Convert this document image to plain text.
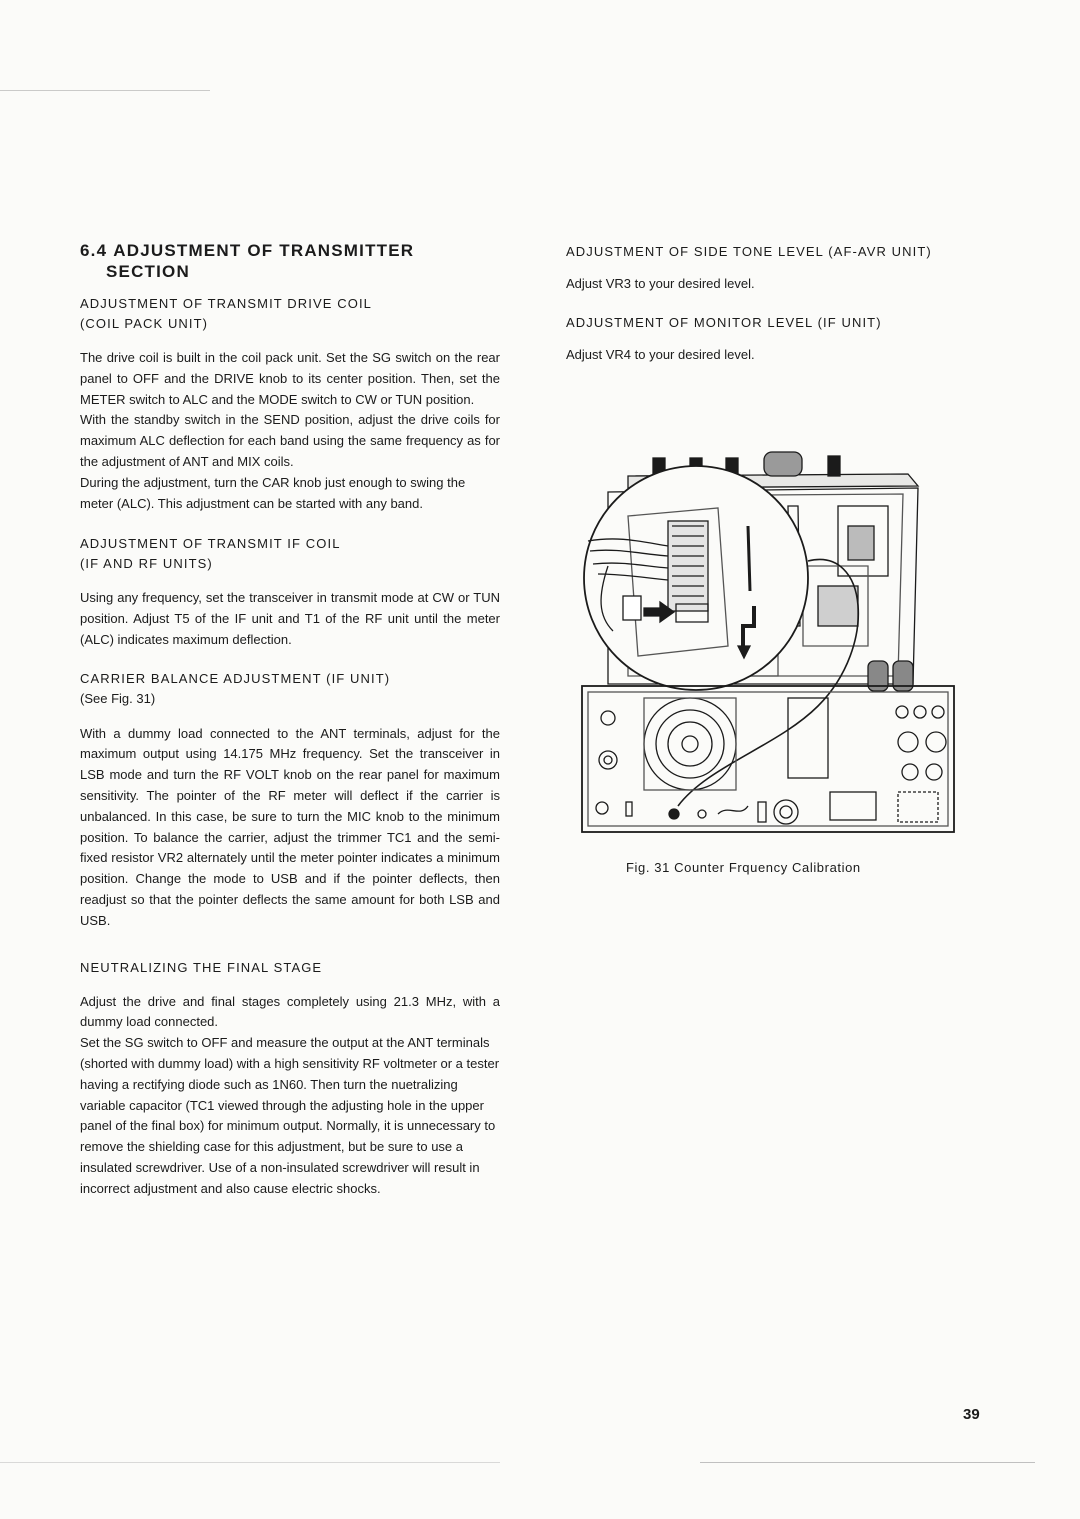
6.4 ADJUSTMENT OF TRANSMITTER
SECTION
ADJUSTMENT OF TRANSMIT DRIVE COIL
(COIL PACK UNIT)

The drive coil is built in the coil pack unit. Set the SG switch on the rear panel to OFF and the DRIVE knob to its center position. Then, set the METER switch to ALC and the MODE switch to CW or TUN position.

With the standby switch in the SEND position, adjust the drive coils for maximum ALC deflection for each band using the same frequency as for the adjustment of ANT and MIX coils.

During the adjustment, turn the CAR knob just enough to swing the meter (ALC). This adjustment can be started with any band.

ADJUSTMENT OF TRANSMIT IF COIL
(IF AND RF UNITS)

Using any frequency, set the transceiver in transmit mode at CW or TUN position. Adjust T5 of the IF unit and T1 of the RF unit until the meter (ALC) indicates maximum deflection.

CARRIER BALANCE ADJUSTMENT (IF UNIT)
(See Fig. 31)

With a dummy load connected to the ANT terminals, adjust for the maximum output using 14.175 MHz frequency. Set the transceiver in LSB mode and turn the RF VOLT knob on the rear panel for maximum sensitivity. The pointer of the RF meter will deflect if the carrier is unbalanced. In this case, be sure to turn the MIC knob to the minimum position. To balance the carrier, adjust the trimmer TC1 and the semi-fixed resistor VR2 alternately until the meter pointer indicates a minimum position. Change the mode to USB and if the pointer deflects, then readjust so that the pointer deflects the same amount for both LSB and USB.

NEUTRALIZING THE FINAL STAGE

Adjust the drive and final stages completely using 21.3 MHz, with a dummy load connected.

Set the SG switch to OFF and measure the output at the ANT terminals (shorted with dummy load) with a high sensitivity RF voltmeter or a tester having a rectifying diode such as 1N60. Then turn the nuetralizing variable capacitor (TC1 viewed through the adjusting hole in the upper panel of the final box) for minimum output. Normally, it is unnecessary to remove the shielding case for this adjustment, but be sure to use a insulated screwdriver. Use of a non-insulated screwdriver will result in incorrect adjustment and also cause electric shocks.

ADJUSTMENT OF SIDE TONE LEVEL (AF-AVR UNIT)
Adjust VR3 to your desired level.
ADJUSTMENT OF MONITOR LEVEL (IF UNIT)
Adjust VR4 to your desired level.
Fig. 31 Counter Frquency Calibration
39
